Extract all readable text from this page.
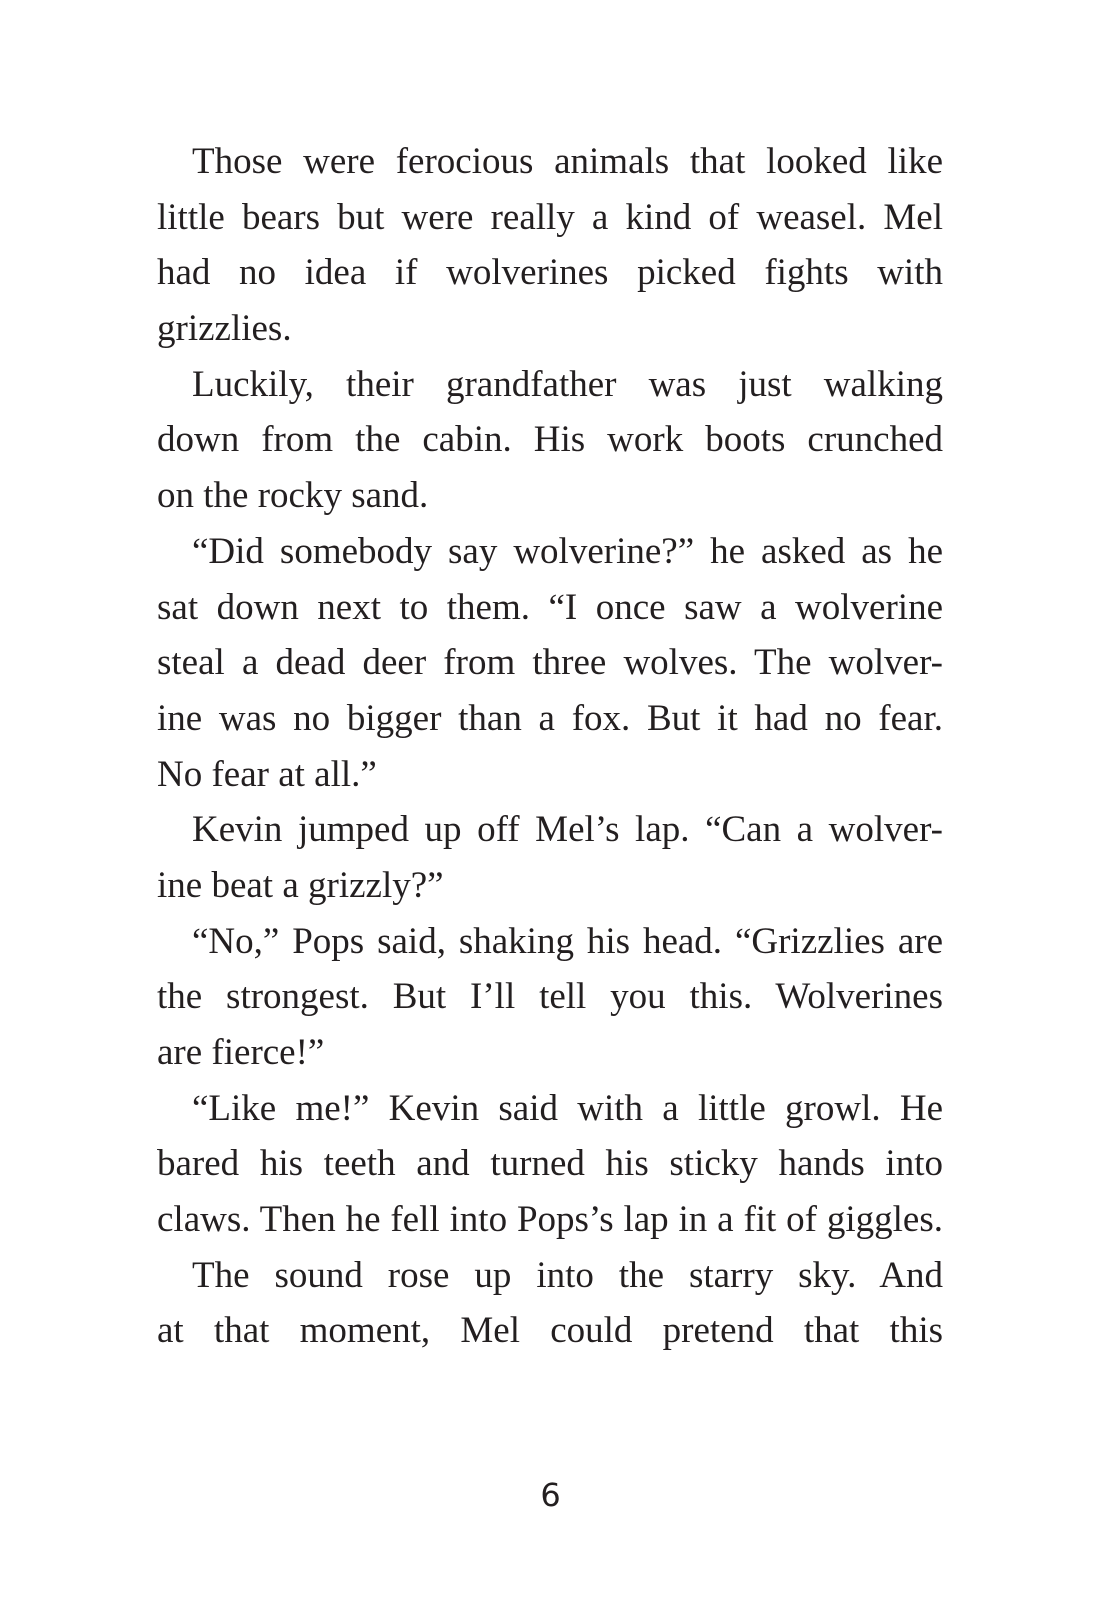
Those were ferocious animals that looked like
little bears but were really a kind of weasel. Mel
had no idea if wolverines picked fights with
grizzlies.
Luckily, their grandfather was just walking
down from the cabin. His work boots crunched
on the rocky sand.
“Did somebody say wolverine?” he asked as he
sat down next to them. “I once saw a wolverine
steal a dead deer from three wolves. The wolver-
ine was no bigger than a fox. But it had no fear.
No fear at all.”
Kevin jumped up off Mel’s lap. “Can a wolver-
ine beat a grizzly?”
“No,” Pops said, shaking his head. “Grizzlies are
the strongest. But I’ll tell you this. Wolverines
are fierce!”
“Like me!” Kevin said with a little growl. He
bared his teeth and turned his sticky hands into
claws. Then he fell into Pops’s lap in a fit of giggles.
The sound rose up into the starry sky. And
at that moment, Mel could pretend that this
6
